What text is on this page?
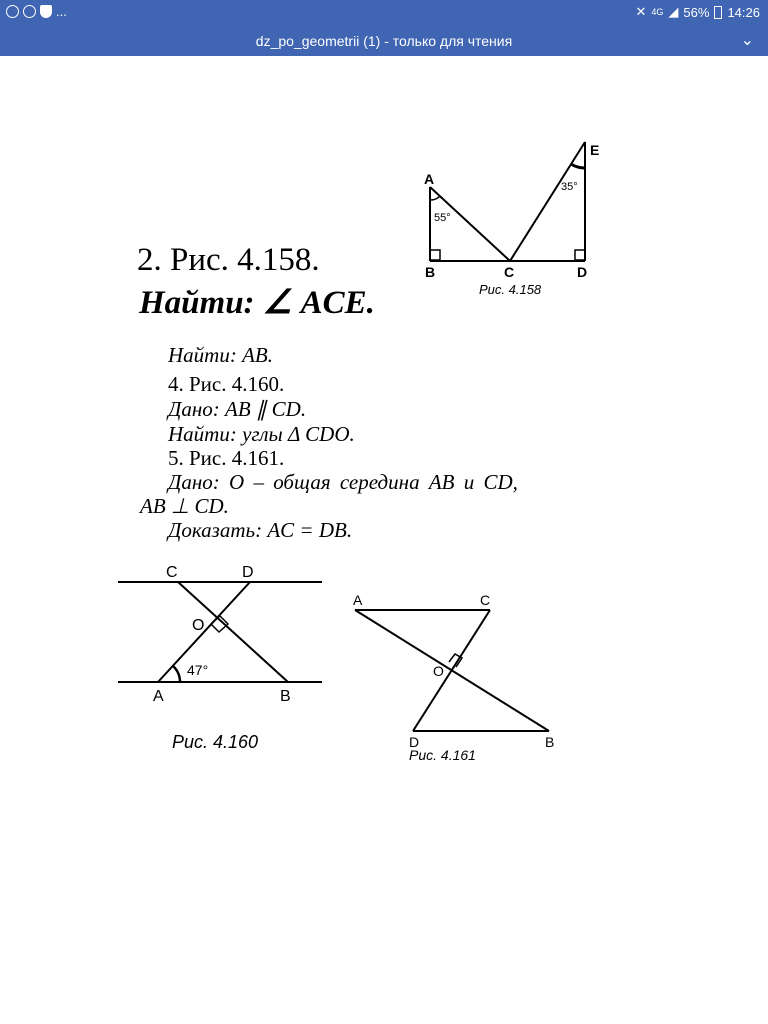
...	✕ 4G ◢ 56% 14:26
dz_po_geometrii (1) - только для чтения	⌄
2. Рис. 4.158.
Найти: ∠ ACE.
A
B	C	D
E
55°
35°
Рис. 4.158
Найти: AB.
4. Рис. 4.160.
Дано: AB ∥ CD.
Найти: углы Δ CDO.
5. Рис. 4.161.
Дано: O – общая середина AB и CD,
AB ⊥ CD.
Доказать: AC = DB.
C	D
O
A	B
47°
Рис. 4.160
A	C
O
D	B
Рис. 4.161
